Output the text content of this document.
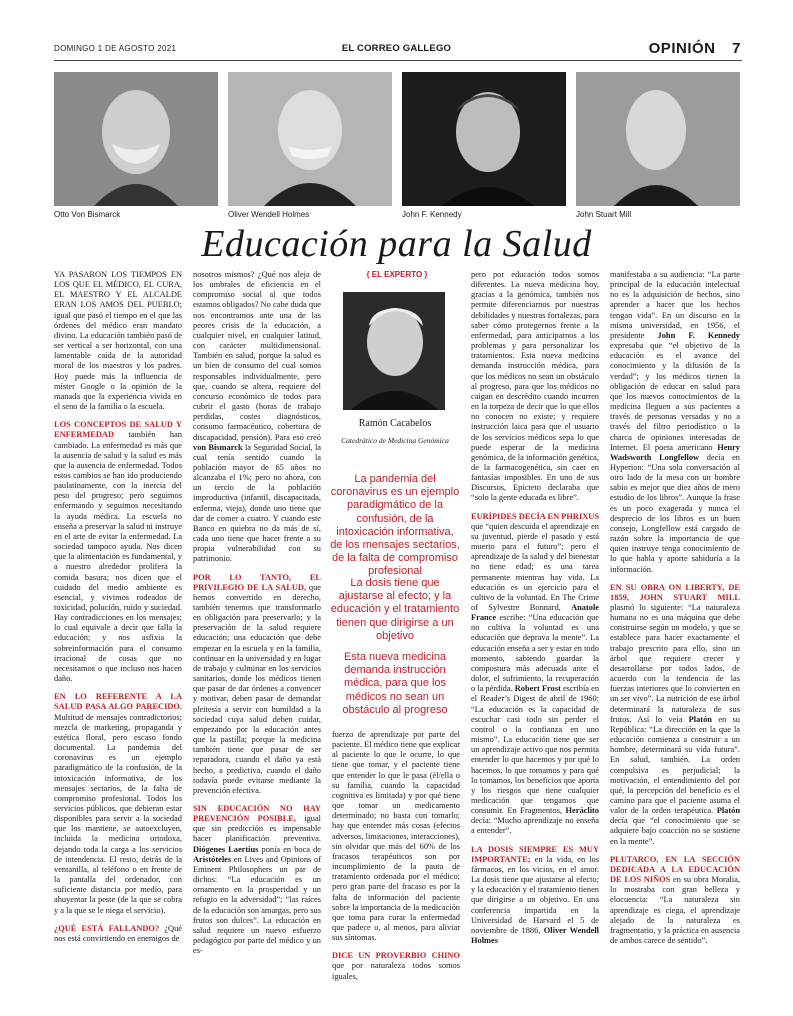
DOMINGO 1 DE AGOSTO 2021	EL CORREO GALLEGO	OPINIÓN 7
Otto Von Bismarck	Oliver Wendell Holmes	John F. Kennedy	John Stuart Mill
Educación para la Salud

YA PASARON LOS TIEMPOS EN LOS QUE EL MÉDICO, EL CURA, EL MAESTRO Y EL ALCALDE ERAN LOS AMOS DEL PUEBLO; igual que pasó el tiempo en el que las órdenes del médico eran mandato divino. La educación también pasó de ser vertical a ser horizontal, con una lamentable caída de la autoridad moral de los maestros y los padres. Hoy puede más la influencia de míster Google o la opinión de la manada que la experiencia vivida en el seno de la familia o la escuela.

LOS CONCEPTOS DE SALUD Y ENFERMEDAD también han cambiado. La enfermedad es más que la ausencia de salud y la salud es más que la ausencia de enfermedad. Todos estos cambios se han ido produciendo paulatinamente, con la inercia del peso del progreso; pero seguimos enfermando y seguimos necesitando la ayuda médica. La escuela no enseña a preservar la salud ni instruye en el arte de evitar la enfermedad. La sociedad tampoco ayuda. Nos dicen que la alimentación es fundamental, y a nuestro alrededor prolifera la comida basura; nos dicen que el cuidado del medio ambiente es esencial, y vivimos rodeados de toxicidad, polución, ruido y suciedad. Hay contradicciones en los mensajes; lo cual equivale a decir que falla la educación; y nos asfixia la sobreinformación para el consumo irracional de cosas que no necesitamos o que incluso nos hacen daño.

EN LO REFERENTE A LA SALUD PASA ALGO PARECIDO. Multitud de mensajes contradictorios; mezcla de marketing, propaganda y estética floral, pero escaso fondo documental. La pandemia del coronavirus es un ejemplo paradigmático de la confusión, de la intoxicación informativa, de los mensajes sectarios, de la falta de compromiso profesional. Todos los servicios públicos, que debieran estar disponibles para servir a la sociedad que los mantiene, se autoexcluyen, incluida la medicina ortodoxa, dejando toda la carga a los servicios de intendencia. El resto, detrás de la ventanilla, al teléfono o en frente de la pantalla del ordenador, con suficiente distancia por medio, para ahuyentar la peste (de la que se cobra y a la que se le niega el servicio).

¿QUÉ ESTÁ FALLANDO? ¿Qué nos está convirtiendo en enemigos de

nosotros mismos? ¿Qué nos aleja de los umbrales de eficiencia en el compromiso social al que todos estamos obligados? No cabe duda que nos encontramos ante una de las peores crisis de la educación, a cualquier nivel, en cualquier latitud, con carácter multidimensional. También en salud, porque la salud es un bien de consumo del cual somos responsables individualmente, pero que, cuando se altera, requiere del concurso económico de todos para cubrir el gasto (horas de trabajo perdidas, costes diagnósticos, consumo farmacéutico, cobertura de discapacidad, pensión). Para eso creó von Bismarck la Seguridad Social, la cual tenía sentido cuando la población mayor de 65 años no alcanzaba el 1%; pero no ahora, con un tercio de la población improductiva (infantil, discapacitada, enferma, vieja), donde uno tiene que dar de comer a cuatro. Y cuando este Banco en quiebra no da más de sí, cada uno tiene que hacer frente a su propia vulnerabilidad con su patrimonio.

POR LO TANTO, EL PRIVILEGIO DE LA SALUD, que hemos convertido en derecho, también tenemos que transformarlo en obligación para preservarlo; y la preservación de la salud requiere educación; una educación que debe empezar en la escuela y en la familia, continuar en la universidad y en lugar de trabajo y culminar en los servicios sanitarios, donde los médicos tienen que pasar de dar órdenes a convencer y motivar, deben pasar de demandar pleitesía a servir con humildad a la sociedad cuya salud deben cuidar, empezando por la educación antes que la pastilla; porque la medicina también tiene que pasar de ser reparadora, cuando el daño ya está hecho, a predictiva, cuando el daño todavía puede evitarse mediante la prevención efectiva.

SIN EDUCACIÓN NO HAY PREVENCIÓN POSIBLE, igual que sin predicción es impensable hacer planificación preventiva. Diógenes Laertius ponía en boca de Aristóteles en Lives and Opinions of Eminent Philosophers un par de dichos: “La educación es un ornamento en la prosperidad y un refugio en la adversidad”; “las raíces de la educación son amargas, pero sus frutos son dulces”. La educación en salud requiere un nuevo esfuerzo pedagógico por parte del médico y un es-

{ EL EXPERTO }
Ramón Cacabelos
Catedrático de Medicina Genómica
La pandemia del coronavirus es un ejemplo paradigmático de la confusión, de la intoxicación informativa, de los mensajes sectarios, de la falta de compromiso profesional
La dosis tiene que ajustarse al efecto; y la educación y el tratamiento tienen que dirigirse a un objetivo
Esta nueva medicina demanda instrucción médica, para que los médicos no sean un obstáculo al progreso

fuerzo de aprendizaje por parte del paciente. El médico tiene que explicar al paciente lo que le ocurre, lo que tiene que tomar, y el paciente tiene que entender lo que le pasa (él/ella o su familia, cuando la capacidad cognitiva es limitada) y por qué tiene que tomar un medicamento determinado; no basta con tomarlo; hay que entender más cosas (efectos adversos, limitaciones, interacciones), sin olvidar que más del 60% de los fracasos terapéuticos son por incumplimiento de la pauta de tratamiento ordenada por el médico; pero gran parte del fracaso es por la falta de información del paciente sobre la importancia de la medicación que toma para curar la enfermedad que padece o, al menos, para aliviar sus síntomas.

DICE UN PROVERBIO CHINO que por naturaleza todos somos iguales,

pero por educación todos somos diferentes. La nueva medicina hoy, gracias a la genómica, también nos permite diferenciarnos por nuestras debilidades y nuestras fortalezas, para saber cómo protegernos frente a la enfermedad, para anticiparnos a los problemas y para personalizar los tratamientos. Esta nueva medicina demanda instrucción médica, para que los médicos no sean un obstáculo al progreso, para que los médicos no caigan en descrédito cuando incurren en la torpeza de decir que lo que ellos no conocen no existe; y requiere instrucción laica para que el usuario de los servicios médicos sepa lo que puede esperar de la medicina genómica, de la información genética, de la farmacogenética, sin caer en fantasías imposibles. En uno de sus Discursos, Epicteto declaraba que “solo la gente educada es libre”.

EURÍPIDES DECÍA EN PHRIXUS que “quien descuida el aprendizaje en su juventud, pierde el pasado y está muerto para el futuro”; pero el aprendizaje de la salud y del bienestar no tiene edad; es una tarea permanente mientras hay vida. La educación es un ejercicio para el cultivo de la voluntad. En The Crime of Sylvestre Bonnard, Anatole France escribe: “Una educación que no cultiva la voluntad es una educación que deprava la mente”. La educación enseña a ser y estar en todo momento, sabiendo guardar la compostura más adecuada ante el dolor, el sufrimiento, la recuperación o la pérdida. Robert Frost escribía en el Reader’s Digest de abril de 1960: “La educación es la capacidad de escuchar casi todo sin perder el control o la confianza en uno mismo”. La educación tiene que ser un aprendizaje activo que nos permita entender lo que hacemos y por qué lo hacemos, lo que tomamos y para qué lo tomamos, los beneficios que aporta y los riesgos que tiene cualquier medicación que tengamos que consumir. En Fragmentos, Heráclito decía: “Mucho aprendizaje no enseña a entender”.

LA DOSIS SIEMPRE ES MUY IMPORTANTE; en la vida, en los fármacos, en los vicios, en el amor. La dosis tiene que ajustarse al efecto; y la educación y el tratamiento tienen que dirigirse a un objetivo. En una conferencia impartida en la Universidad de Harvard el 5 de noviembre de 1886, Oliver Wendell Holmes

manifestaba a su audiencia: “La parte principal de la educación intelectual no es la adquisición de hechos, sino aprender a hacer que los hechos tengan vida”. En un discurso en la misma universidad, en 1956, el presidente John F. Kennedy expresaba que “el objetivo de la educación es el avance del conocimiento y la difusión de la verdad”; y los médicos tienen la obligación de educar en salud para que los nuevos conocimientos de la medicina lleguen a sus pacientes a través de personas versadas y no a través del filtro periodístico o la charca de opiniones interesadas de Internet. El poeta americano Henry Wadsworth Longfellow decía en Hyperion: “Una sola conversación al otro lado de la mesa con un hombre sabio es mejor que diez años de mero estudio de los libros”. Aunque la frase es un poco exagerada y nunca el desprecio de los libros es un buen consejo, Longfellow está cargado de razón sobre la importancia de que quien instruye tenga conocimiento de lo que habla y aporte sabiduría a la información.

EN SU OBRA ON LIBERTY, DE 1859, JOHN STUART MILL plasmó lo siguiente: “La naturaleza humana no es una máquina que debe construirse según un modelo, y que se establece para hacer exactamente el trabajo prescrito para ello, sino un árbol que requiere crecer y desarrollarse por todos lados, de acuerdo con la tendencia de las fuerzas interiores que lo convierten en un ser vivo”. La nutrición de ese árbol determinará la naturaleza de sus frutos. Así lo veía Platón en su República: “La dirección en la que la educación comienza a construir a un hombre, determinará su vida futura”. En salud, también. La orden compulsiva es perjudicial; la motivación, el entendimiento del por qué, la percepción del beneficio es el camino para que el paciente asuma el valor de la orden terapéutica. Platón decía que “el conocimiento que se adquiere bajo coacción no se sostiene en la mente”.

PLUTARCO, EN LA SECCIÓN DEDICADA A LA EDUCACIÓN DE LOS NIÑOS en su obra Moralia, lo mostraba con gran belleza y elocuencia: “La naturaleza sin aprendizaje es ciega, el aprendizaje alejado de la naturaleza es fragmentario, y la práctica en ausencia de ambos carece de sentido”.
